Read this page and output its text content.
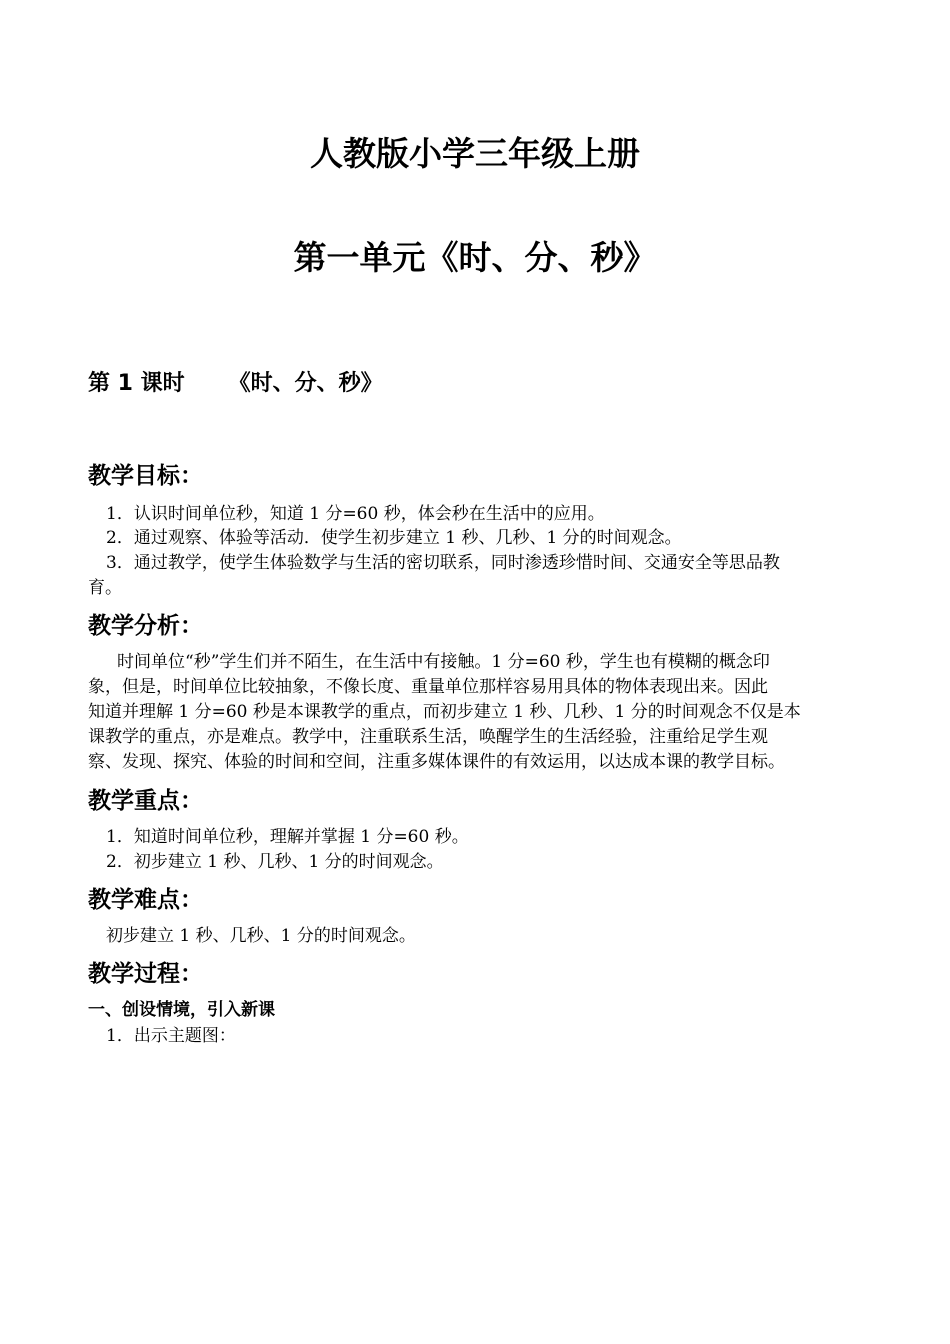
人教版小学三年级上册
第一单元《时、分、秒》
第 1 课时 《时、分、秒》
教学目标：
1．认识时间单位秒，知道 1 分=60 秒，体会秒在生活中的应用。
2．通过观察、体验等活动．使学生初步建立 1 秒、几秒、1 分的时间观念。
3．通过教学，使学生体验数学与生活的密切联系，同时渗透珍惜时间、交通安全等思品教
育。
教学分析：
时间单位“秒”学生们并不陌生，在生活中有接触。1 分=60 秒，学生也有模糊的概念印
象，但是，时间单位比较抽象，不像长度、重量单位那样容易用具体的物体表现出来。因此
知道并理解 1 分=60 秒是本课教学的重点，而初步建立 1 秒、几秒、1 分的时间观念不仅是本
课教学的重点，亦是难点。教学中，注重联系生活，唤醒学生的生活经验，注重给足学生观
察、发现、探究、体验的时间和空间，注重多媒体课件的有效运用，以达成本课的教学目标。
教学重点：
1．知道时间单位秒，理解并掌握 1 分=60 秒。
2．初步建立 1 秒、几秒、1 分的时间观念。
教学难点：
初步建立 1 秒、几秒、1 分的时间观念。
教学过程：
一、创设情境，引入新课
1．出示主题图：
